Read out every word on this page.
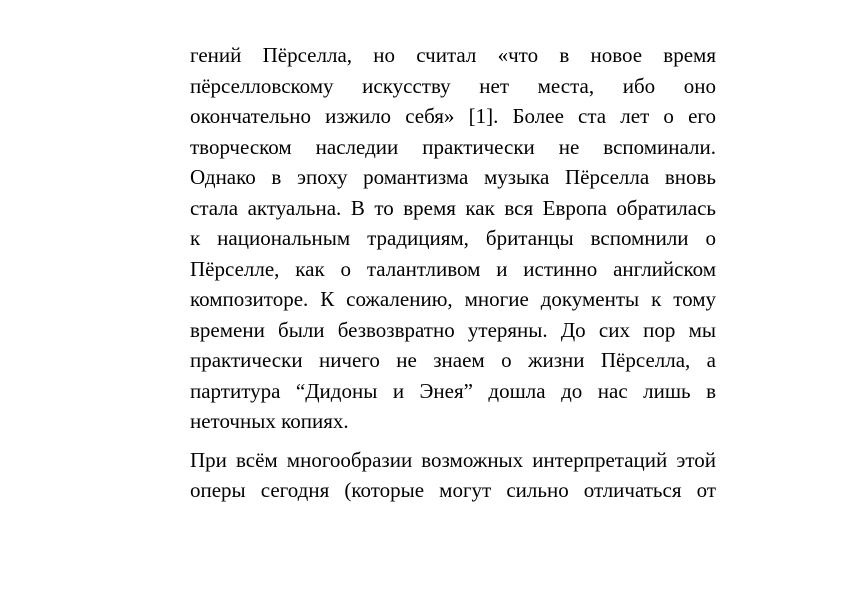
гений Пёрселла, но считал «что в новое время
пёрселловскому искусству нет места, ибо оно
окончательно изжило себя» [1]. Более ста лет о его
творческом наследии практически не вспоминали.
Однако в эпоху романтизма музыка Пёрселла вновь
стала актуальна. В то время как вся Европа обратилась
к национальным традициям, британцы вспомнили о
Пёрселле, как о талантливом и истинно английском
композиторе. К сожалению, многие документы к тому
времени были безвозвратно утеряны. До сих пор мы
практически ничего не знаем о жизни Пёрселла, а
партитура “Дидоны и Энея” дошла до нас лишь в
неточных копиях.
При всём многообразии возможных интерпретаций этой
оперы сегодня (которые могут сильно отличаться от
